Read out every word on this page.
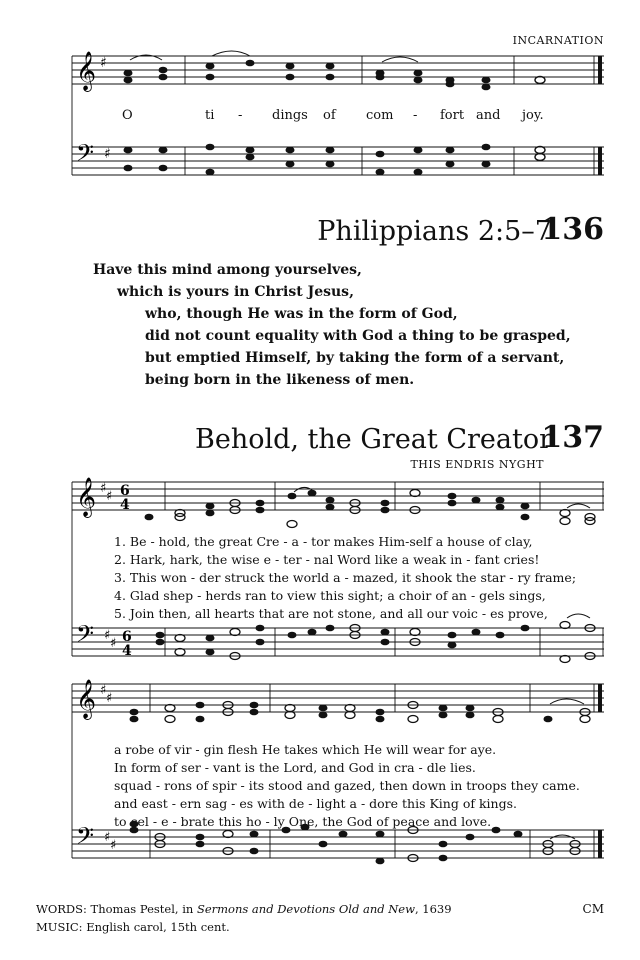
INCARNATION
𝄞
𝄢
♯
♯
O	ti - dings of com - fort and joy.
Philippians 2:5–7
136
Have this mind among yourselves,
which is yours in Christ Jesus,
who, though He was in the form of God,
did not count equality with God a thing to be grasped,
but emptied Himself, by taking the form of a servant,
being born in the likeness of men.
Behold, the Great Creator
137
THIS ENDRIS NYGHT
𝄞
𝄢
♯
♯
♯
♯
6
4
6
4
1. Be - hold, the great Cre - a - tor makes Him-self a house of clay,
2. Hark, hark, the wise e - ter - nal Word like a weak in - fant cries!
3. This won - der struck the world a - mazed, it shook the star - ry frame;
4. Glad shep - herds ran to view this sight; a choir of an - gels sings,
5. Join then, all hearts that are not stone, and all our voic - es prove,
𝄞
𝄢
♯
♯
♯
♯
a robe of vir - gin flesh He takes which He will wear for aye.
In form of ser - vant is the Lord, and God in cra - dle lies.
squad - rons of spir - its stood and gazed, then down in troops they came.
and east - ern sag - es with de - light a - dore this King of kings.
to cel - e - brate this ho - ly One, the God of peace and love.
WORDS: Thomas Pestel, in Sermons and Devotions Old and New, 1639
MUSIC: English carol, 15th cent.
CM
